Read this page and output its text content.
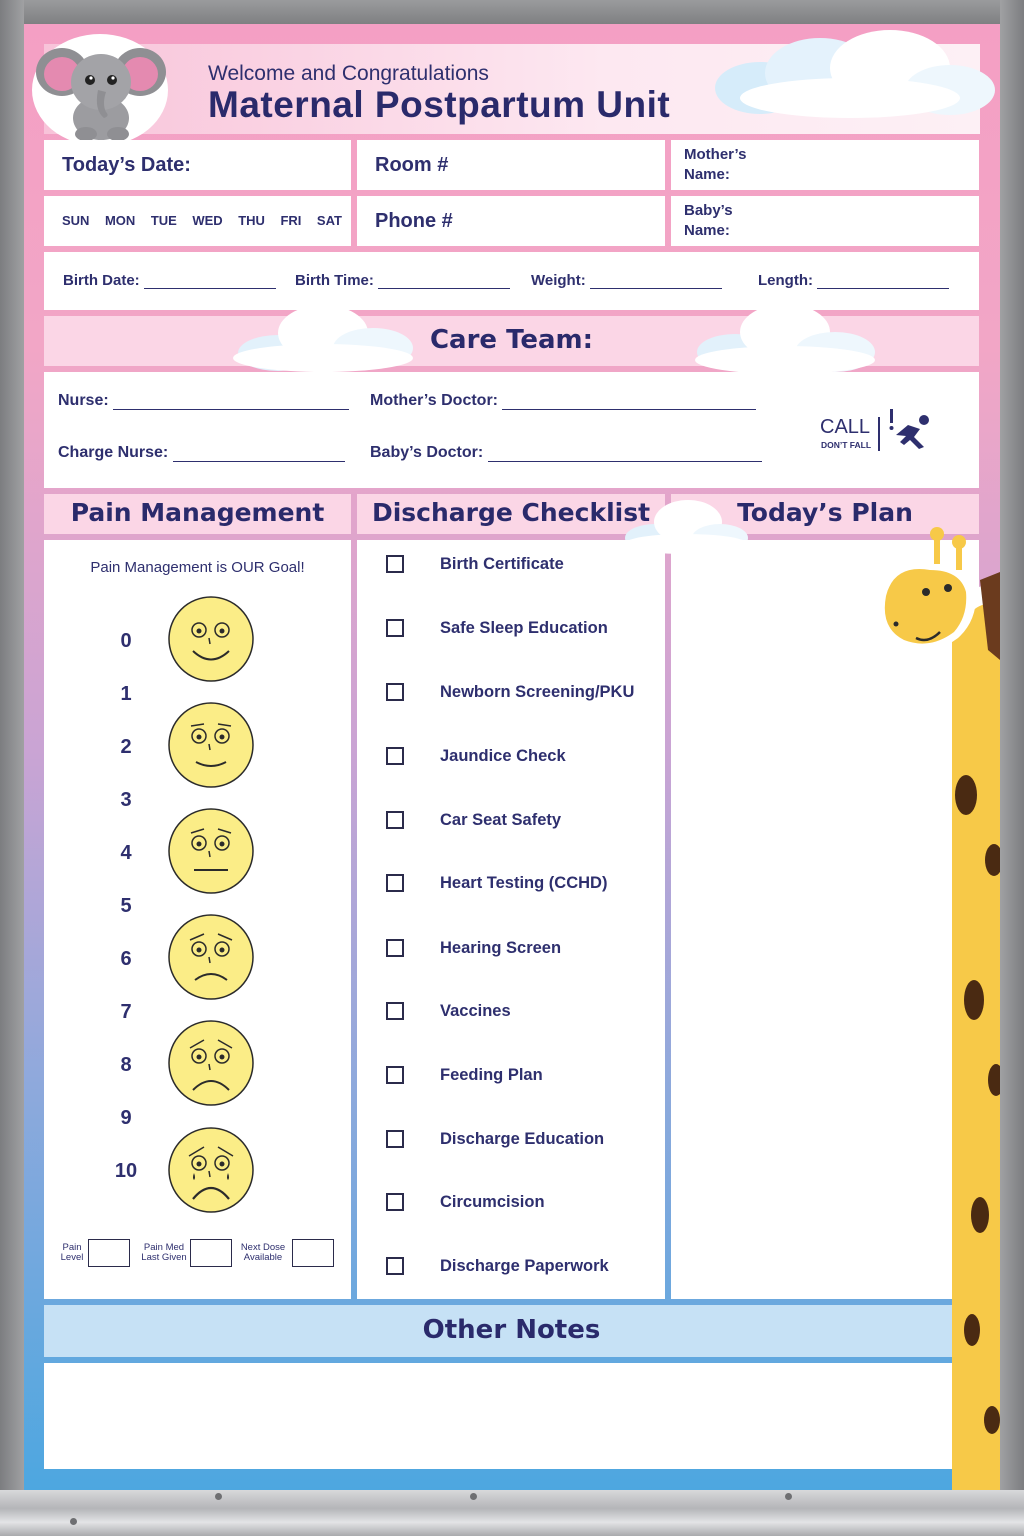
Welcome and Congratulations
Maternal Postpartum Unit
Today’s Date:	Room #	Mother’s Name:
SUN MON TUE WED THU FRI SAT Phone #	Baby’s Name:
Birth Date:	Birth Time:	Weight:	Length:
Care Team:
Nurse:	Mother’s Doctor:
Charge Nurse:	Baby’s Doctor:
CALL
DON’T FALL
Pain Management	Discharge Checklist	Today’s Plan
Pain Management is OUR Goal!
0
1
2
3
4
5
6
7
8
9
10
Pain Level
Pain Med Last Given
Next Dose Available
Birth Certificate
Safe Sleep Education
Newborn Screening/PKU
Jaundice Check
Car Seat Safety
Heart Testing (CCHD)
Hearing Screen
Vaccines
Feeding Plan
Discharge Education
Circumcision
Discharge Paperwork
Other Notes
